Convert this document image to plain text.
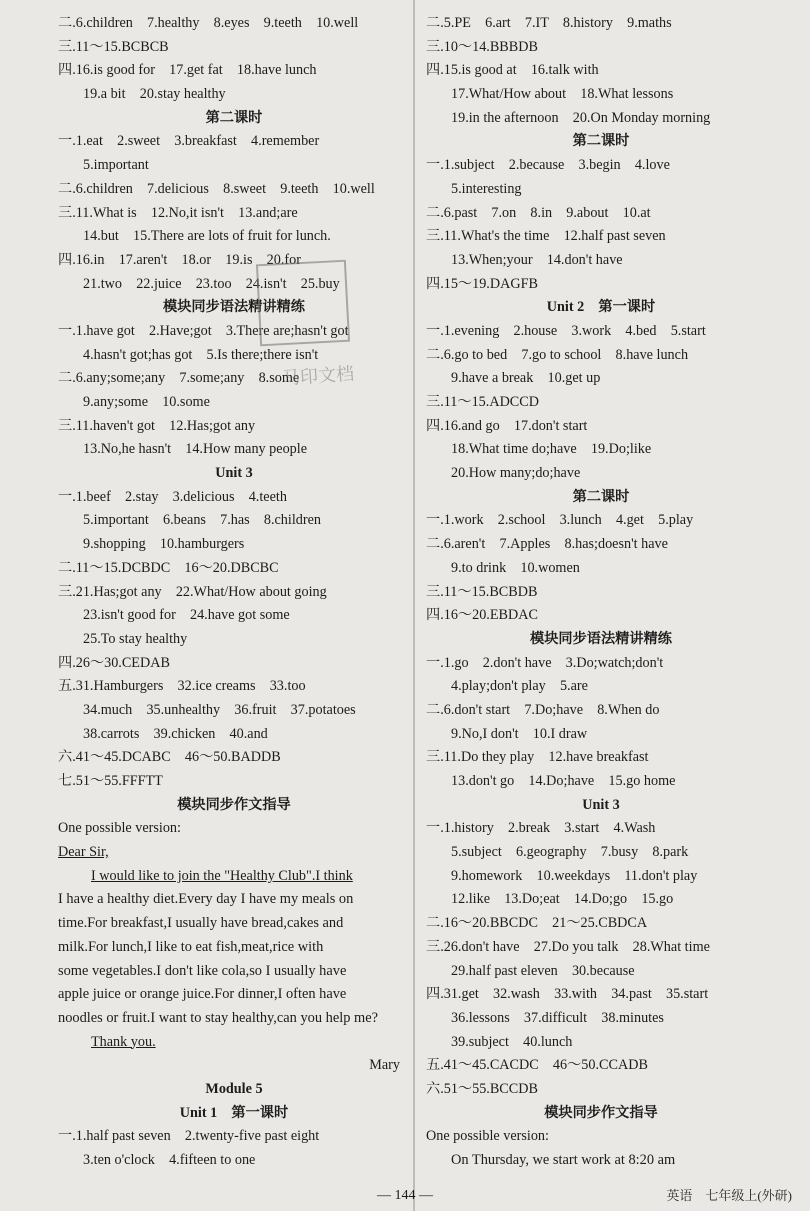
二.6.children　7.healthy　8.eyes　9.teeth　10.well
三.11～15.BCBCB
四.16.is good for　17.get fat　18.have lunch
19.a bit　20.stay healthy
第二课时
一.1.eat　2.sweet　3.breakfast　4.remember
5.important
二.6.children　7.delicious　8.sweet　9.teeth　10.well
三.11.What is　12.No,it isn't　13.and;are
14.but　15.There are lots of fruit for lunch.
四.16.in　17.aren't　18.or　19.is　20.for
21.two　22.juice　23.too　24.isn't　25.buy
模块同步语法精讲精练
一.1.have got　2.Have;got　3.There are;hasn't got
4.hasn't got;has got　5.Is there;there isn't
二.6.any;some;any　7.some;any　8.some
9.any;some　10.some
三.11.haven't got　12.Has;got any
13.No,he hasn't　14.How many people
Unit 3
一.1.beef　2.stay　3.delicious　4.teeth
5.important　6.beans　7.has　8.children
9.shopping　10.hamburgers
二.11～15.DCBDC　16～20.DBCBC
三.21.Has;got any　22.What/How about going
23.isn't good for　24.have got some
25.To stay healthy
四.26～30.CEDAB
五.31.Hamburgers　32.ice creams　33.too
34.much　35.unhealthy　36.fruit　37.potatoes
38.carrots　39.chicken　40.and
六.41～45.DCABC　46～50.BADDB
七.51～55.FFFTT
模块同步作文指导
One possible version:
Dear Sir,
I would like to join the "Healthy Club".I think
I have a healthy diet.Every day I have my meals on
time.For breakfast,I usually have bread,cakes and
milk.For lunch,I like to eat fish,meat,rice with
some vegetables.I don't like cola,so I usually have
apple juice or orange juice.For dinner,I often have
noodles or fruit.I want to stay healthy,can you help me?
Thank you.
Mary
Module 5
Unit 1　第一课时
一.1.half past seven　2.twenty-five past eight
3.ten o'clock　4.fifteen to one
二.5.PE　6.art　7.IT　8.history　9.maths
三.10～14.BBBDB
四.15.is good at　16.talk with
17.What/How about　18.What lessons
19.in the afternoon　20.On Monday morning
第二课时
一.1.subject　2.because　3.begin　4.love
5.interesting
二.6.past　7.on　8.in　9.about　10.at
三.11.What's the time　12.half past seven
13.When;your　14.don't have
四.15～19.DAGFB
Unit 2　第一课时
一.1.evening　2.house　3.work　4.bed　5.start
二.6.go to bed　7.go to school　8.have lunch
9.have a break　10.get up
三.11～15.ADCCD
四.16.and go　17.don't start
18.What time do;have　19.Do;like
20.How many;do;have
第二课时
一.1.work　2.school　3.lunch　4.get　5.play
二.6.aren't　7.Apples　8.has;doesn't have
9.to drink　10.women
三.11～15.BCBDB
四.16～20.EBDAC
模块同步语法精讲精练
一.1.go　2.don't have　3.Do;watch;don't
4.play;don't play　5.are
二.6.don't start　7.Do;have　8.When do
9.No,I don't　10.I draw
三.11.Do they play　12.have breakfast
13.don't go　14.Do;have　15.go home
Unit 3
一.1.history　2.break　3.start　4.Wash
5.subject　6.geography　7.busy　8.park
9.homework　10.weekdays　11.don't play
12.like　13.Do;eat　14.Do;go　15.go
二.16～20.BBCDC　21～25.CBDCA
三.26.don't have　27.Do you talk　28.What time
29.half past eleven　30.because
四.31.get　32.wash　33.with　34.past　35.start
36.lessons　37.difficult　38.minutes
39.subject　40.lunch
五.41～45.CACDC　46～50.CCADB
六.51～55.BCCDB
模块同步作文指导
One possible version:
On Thursday, we start work at 8:20 am
马印文档
— 144 —	英语　七年级上(外研)
